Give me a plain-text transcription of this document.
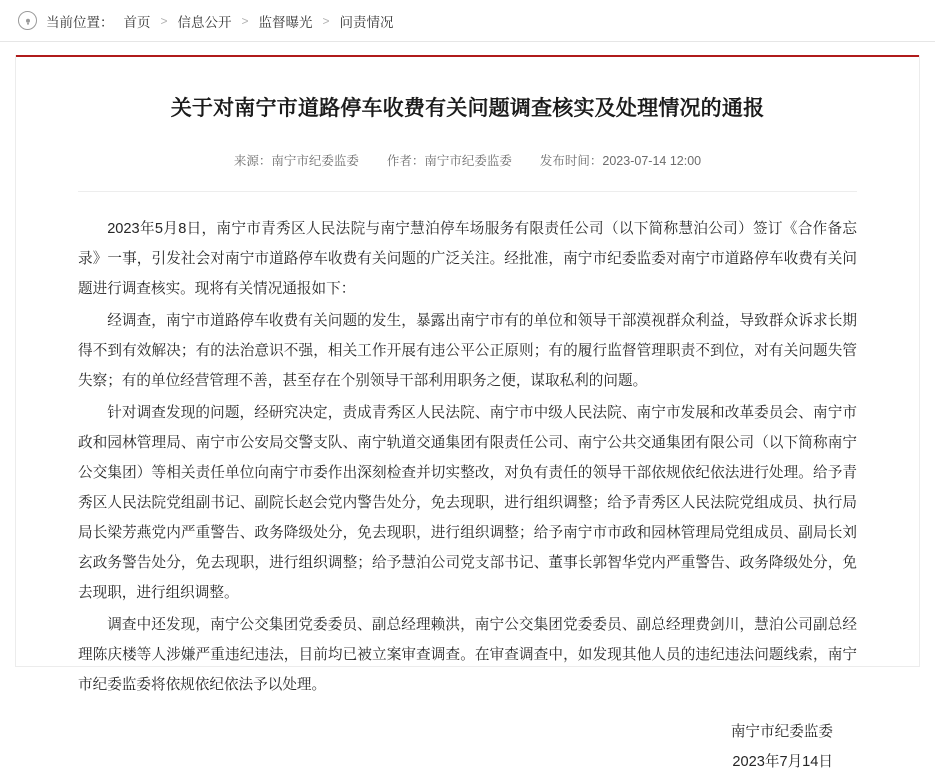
当前位置： 首页 > 信息公开 > 监督曝光 > 问责情况
关于对南宁市道路停车收费有关问题调查核实及处理情况的通报
来源：南宁市纪委监委 作者：南宁市纪委监委 发布时间：2023-07-14 12:00

2023年5月8日，南宁市青秀区人民法院与南宁慧泊停车场服务有限责任公司（以下简称慧泊公司）签订《合作备忘录》一事，引发社会对南宁市道路停车收费有关问题的广泛关注。经批准，南宁市纪委监委对南宁市道路停车收费有关问题进行调查核实。现将有关情况通报如下：

经调查，南宁市道路停车收费有关问题的发生，暴露出南宁市有的单位和领导干部漠视群众利益，导致群众诉求长期得不到有效解决；有的法治意识不强，相关工作开展有违公平公正原则；有的履行监督管理职责不到位，对有关问题失管失察；有的单位经营管理不善，甚至存在个别领导干部利用职务之便，谋取私利的问题。

针对调查发现的问题，经研究决定，责成青秀区人民法院、南宁市中级人民法院、南宁市发展和改革委员会、南宁市政和园林管理局、南宁市公安局交警支队、南宁轨道交通集团有限责任公司、南宁公共交通集团有限公司（以下简称南宁公交集团）等相关责任单位向南宁市委作出深刻检查并切实整改，对负有责任的领导干部依规依纪依法进行处理。给予青秀区人民法院党组副书记、副院长赵会党内警告处分，免去现职，进行组织调整；给予青秀区人民法院党组成员、执行局局长梁芳燕党内严重警告、政务降级处分，免去现职，进行组织调整；给予南宁市市政和园林管理局党组成员、副局长刘玄政务警告处分，免去现职，进行组织调整；给予慧泊公司党支部书记、董事长郭智华党内严重警告、政务降级处分，免去现职，进行组织调整。

调查中还发现，南宁公交集团党委委员、副总经理赖洪，南宁公交集团党委委员、副总经理费剑川，慧泊公司副总经理陈庆楼等人涉嫌严重违纪违法，目前均已被立案审查调查。在审查调查中，如发现其他人员的违纪违法问题线索，南宁市纪委监委将依规依纪依法予以处理。

南宁市纪委监委
2023年7月14日
